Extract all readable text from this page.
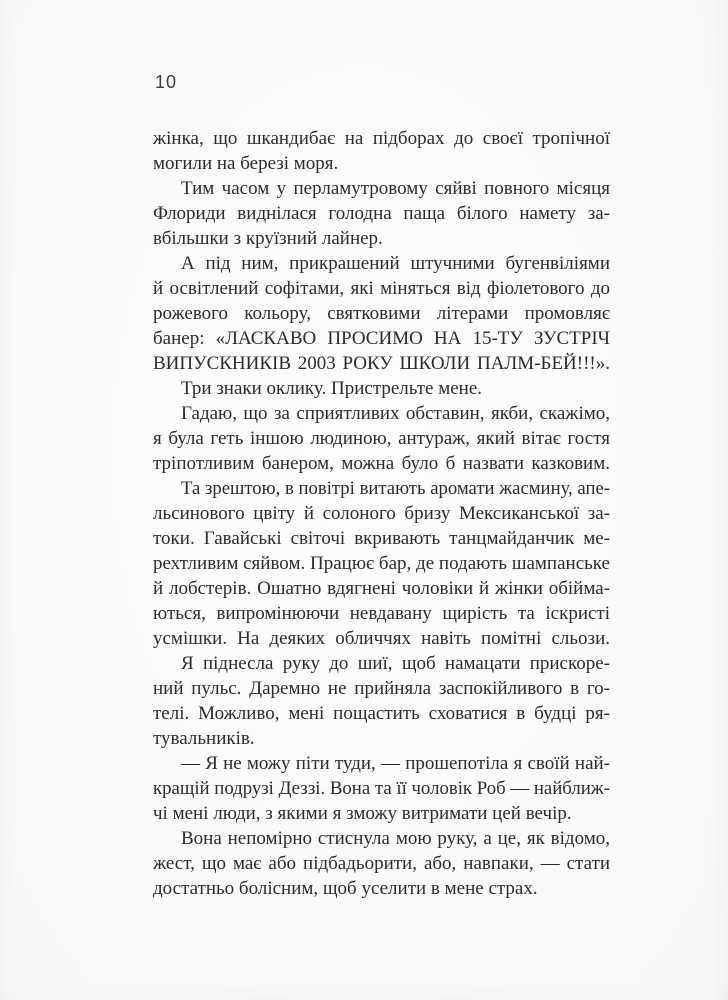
10
жінка, що шкандибає на підборах до своєї тропічної
могили на березі моря.
Тим часом у перламутровому сяйві повного місяця
Флориди виднілася голодна паща білого намету за-
вбільшки з круїзний лайнер.
А під ним, прикрашений штучними бугенвіліями
й освітлений софітами, які міняться від фіолетового до
рожевого кольору, святковими літерами промовляє
банер: «ЛАСКАВО ПРОСИМО НА 15-ТУ ЗУСТРІЧ
ВИПУСКНИКІВ 2003 РОКУ ШКОЛИ ПАЛМ-БЕЙ!!!».
Три знаки оклику. Пристрельте мене.
Гадаю, що за сприятливих обставин, якби, скажімо,
я була геть іншою людиною, антураж, який вітає гостя
тріпотливим банером, можна було б назвати казковим.
Та зрештою, в повітрі витають аромати жасмину, апе-
льсинового цвіту й солоного бризу Мексиканської за-
токи. Гавайські світочі вкривають танцмайданчик ме-
рехтливим сяйвом. Працює бар, де подають шампанське
й лобстерів. Ошатно вдягнені чоловіки й жінки обійма-
ються, випромінюючи невдавану щирість та іскристі
усмішки. На деяких обличчях навіть помітні сльози.
Я піднесла руку до шиї, щоб намацати прискоре-
ний пульс. Даремно не прийняла заспокійливого в го-
телі. Можливо, мені пощастить сховатися в будці ря-
тувальників.
— Я не можу піти туди, — прошепотіла я своїй най-
кращій подрузі Деззі. Вона та її чоловік Роб — найближ-
чі мені люди, з якими я зможу витримати цей вечір.
Вона непомірно стиснула мою руку, а це, як відомо,
жест, що має або підбадьорити, або, навпаки, — стати
достатньо болісним, щоб уселити в мене страх.
